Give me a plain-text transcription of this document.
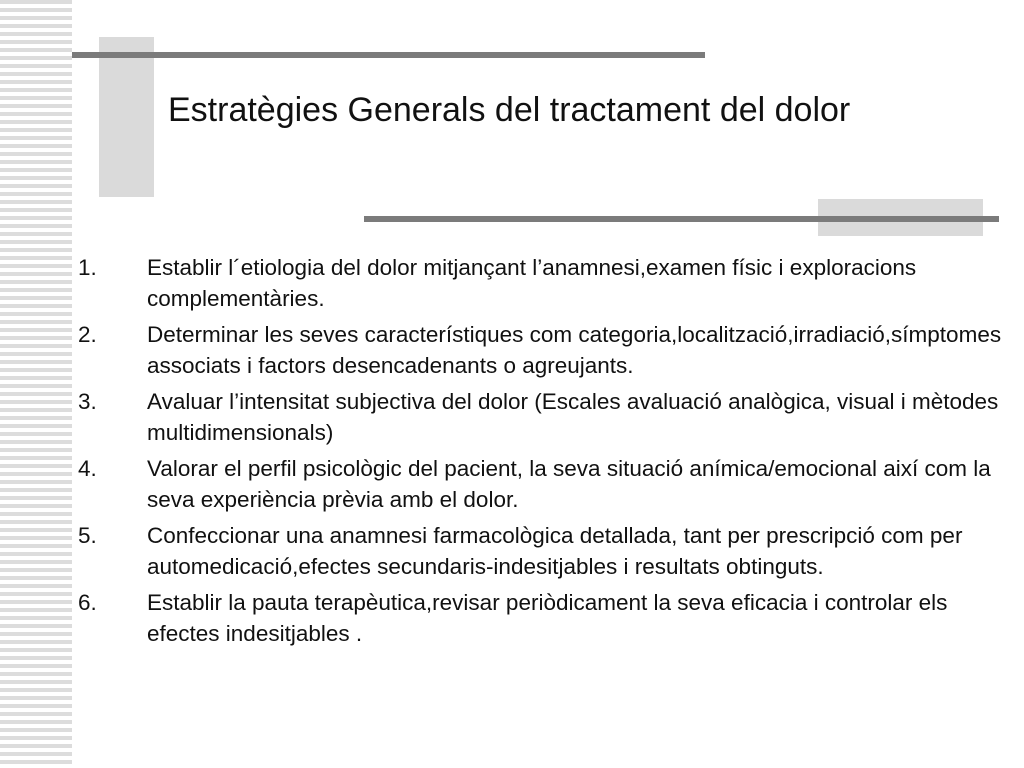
Estratègies Generals del tractament del dolor
1. Establir l´etiologia del dolor mitjançant l’anamnesi,examen físic i exploracions complementàries.
2. Determinar les seves característiques com categoria,localització,irradiació,símptomes associats i factors desencadenants o agreujants.
3. Avaluar l’intensitat subjectiva del dolor (Escales avaluació analògica, visual i mètodes multidimensionals)
4. Valorar el perfil psicològic del pacient, la seva situació anímica/emocional així com la seva experiència prèvia amb el dolor.
5. Confeccionar una anamnesi farmacològica detallada, tant per prescripció com per automedicació,efectes secundaris-indesitjables i resultats obtinguts.
6. Establir la pauta terapèutica,revisar periòdicament la seva eficacia i controlar els efectes indesitjables .
